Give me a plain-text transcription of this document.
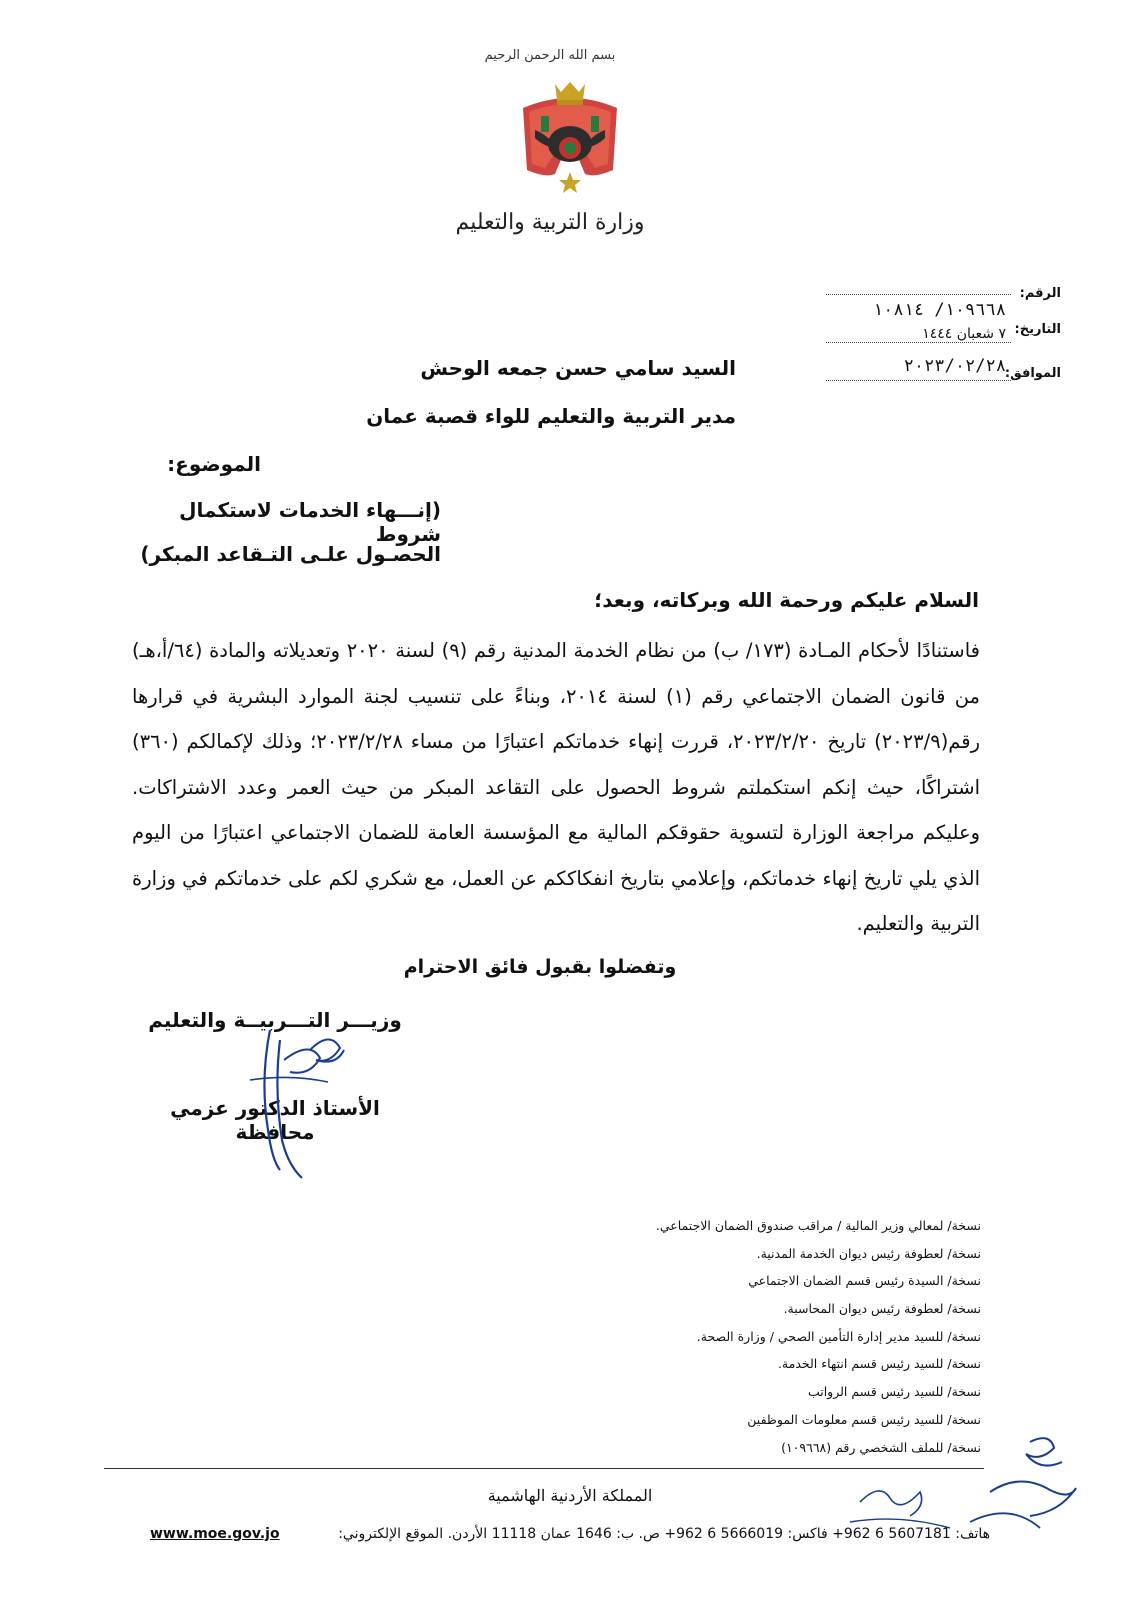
بسم الله الرحمن الرحيم
وزارة التربية والتعليم
الرقم:
١٠٩٦٦٨/ ١٠٨١٤
التاريخ:
٧ شعبان ١٤٤٤
الموافق:
٢٠٢٣/٠٢/٢٨
السيد سامي حسن جمعه الوحش
مدير التربية والتعليم للواء قصبة عمان
الموضوع:
(إنـــهاء الخدمات لاستكمال شروط
الحصـول علـى التـقاعد المبكر)
السلام عليكم ورحمة الله وبركاته، وبعد؛
فاستنادًا لأحكام المـادة (١٧٣/ ب) من نظام الخدمة المدنية رقم (٩) لسنة ٢٠٢٠ وتعديلاته والمادة (٦٤/أ،هـ) من قانون الضمان الاجتماعي رقم (١) لسنة ٢٠١٤، وبناءً على تنسيب لجنة الموارد البشرية في قرارها رقم(٢٠٢٣/٩) تاريخ ٢٠٢٣/٢/٢٠، قررت إنهاء خدماتكم اعتبارًا من مساء ٢٠٢٣/٢/٢٨؛ وذلك لإكمالكم (٣٦٠) اشتراكًا، حيث إنكم استكملتم شروط الحصول على التقاعد المبكر من حيث العمر وعدد الاشتراكات. وعليكم مراجعة الوزارة لتسوية حقوقكم المالية مع المؤسسة العامة للضمان الاجتماعي اعتبارًا من اليوم الذي يلي تاريخ إنهاء خدماتكم، وإعلامي بتاريخ انفكاككم عن العمل، مع شكري لكم على خدماتكم في وزارة التربية والتعليم.
وتفضلوا بقبول فائق الاحترام
وزيـــر التـــربيــة والتعليم
الأستاذ الدكتور عزمي محافظة
نسخة/ لمعالي وزير المالية / مراقب صندوق الضمان الاجتماعي.
نسخة/ لعطوفة رئيس ديوان الخدمة المدنية.
نسخة/ السيدة رئيس قسم الضمان الاجتماعي
نسخة/ لعطوفة رئيس ديوان المحاسبة.
نسخة/ للسيد مدير إدارة التأمين الصحي / وزارة الصحة.
نسخة/ للسيد رئيس قسم انتهاء الخدمة.
نسخة/ للسيد رئيس قسم الرواتب
نسخة/ للسيد رئيس قسم معلومات الموظفين
نسخة/ للملف الشخصي رقم (١٠٩٦٦٨)
المملكة الأردنية الهاشمية
www.moe.gov.jo	هاتف: 5607181 6 962+ فاكس: 5666019 6 962+ ص. ب: 1646 عمان 11118 الأردن. الموقع الإلكتروني:
